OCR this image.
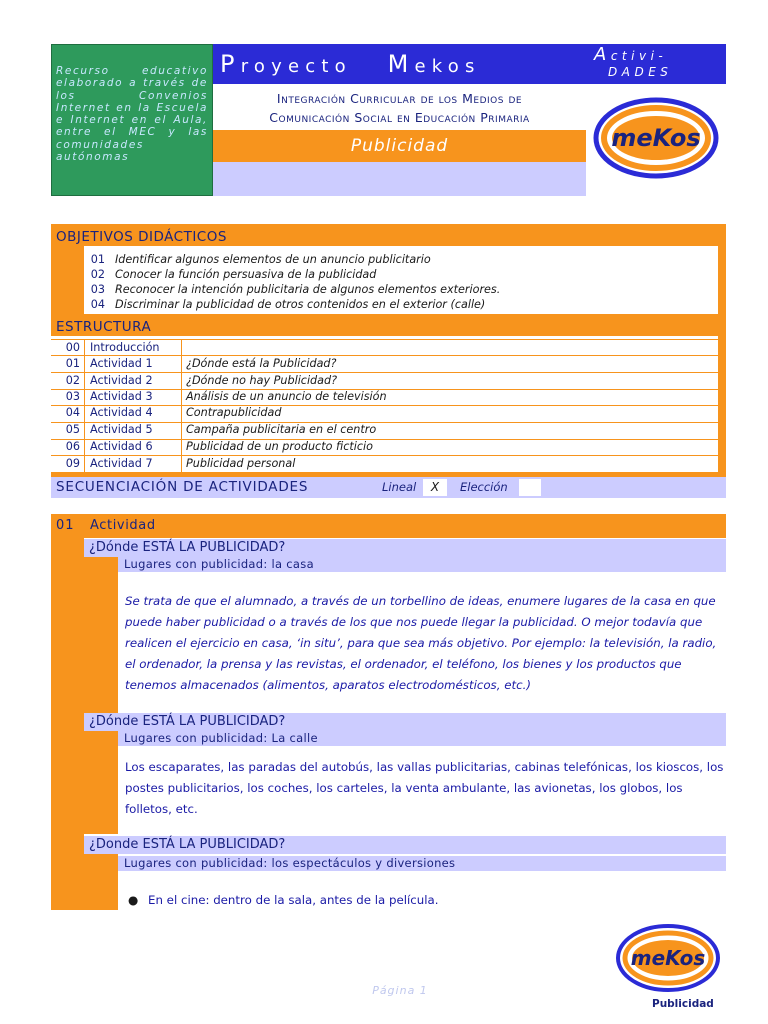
Recurso educativo elaborado a través de los Convenios Internet en la Escuela e Internet en el Aula, entre el MEC y las comunidades autónomas

Proyecto Mekos
Integración Curricular de los Medios de
Comunicación Social en Educación Primaria
Publicidad
Activi-
DADES
meKos
OBJETIVOS DIDÁCTICOS
01 Identificar algunos elementos de un anuncio publicitario
02 Conocer la función persuasiva de la publicidad
03 Reconocer la intención publicitaria de algunos elementos exteriores.
04 Discriminar la publicidad de otros contenidos en el exterior (calle)
ESTRUCTURA
00 Introducción
01 Actividad 1	¿Dónde está la Publicidad?
02 Actividad 2	¿Dónde no hay Publicidad?
03 Actividad 3	Análisis de un anuncio de televisión
04 Actividad 4	Contrapublicidad
05 Actividad 5	Campaña publicitaria en el centro
06 Actividad 6	Publicidad de un producto ficticio
09 Actividad 7	Publicidad personal
SECUENCIACIÓN DE ACTIVIDADES	Lineal	X	Elección
01 Actividad
¿Dónde ESTÁ LA PUBLICIDAD?
Lugares con publicidad: la casa
Se trata de que el alumnado, a través de un torbellino de ideas, enumere lugares de la casa en que puede haber publicidad o a través de los que nos puede llegar la publicidad. O mejor todavía que realicen el ejercicio en casa, ‘in situ’, para que sea más objetivo. Por ejemplo: la televisión, la radio, el ordenador, la prensa y las revistas, el ordenador, el teléfono, los bienes y los productos que tenemos almacenados (alimentos, aparatos electrodomésticos, etc.)
¿Dónde ESTÁ LA PUBLICIDAD?
Lugares con publicidad: La calle
Los escaparates, las paradas del autobús, las vallas publicitarias, cabinas telefónicas, los kioscos, los postes publicitarios, los coches, los carteles, la venta ambulante, las avionetas, los globos, los folletos, etc.
¿Donde ESTÁ LA PUBLICIDAD?
Lugares con publicidad: los espectáculos y diversiones
● En el cine: dentro de la sala, antes de la película.
Página 1
meKos
Publicidad
